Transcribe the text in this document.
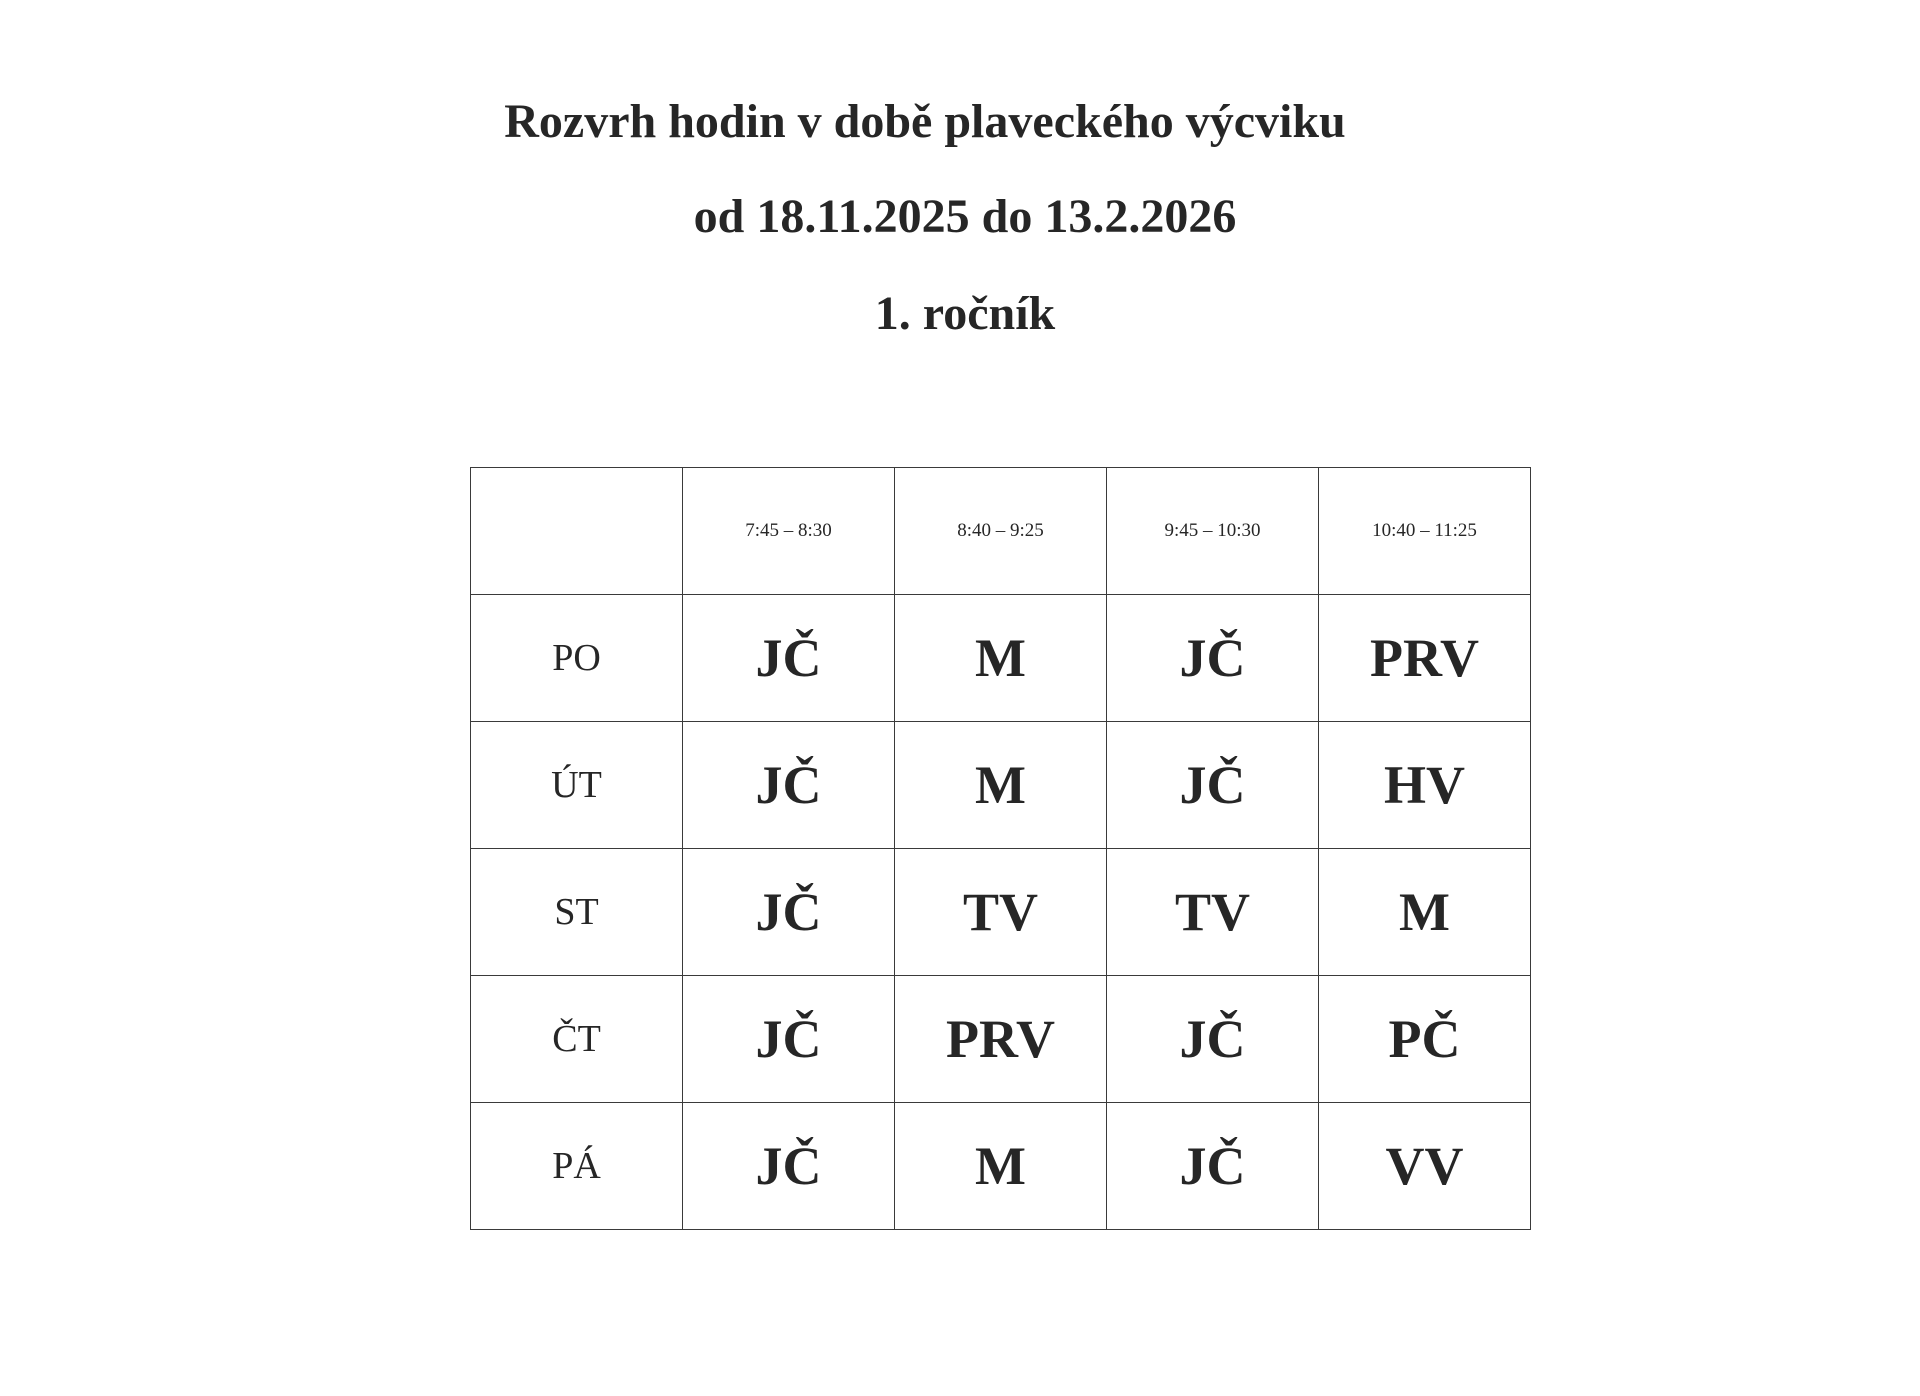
Rozvrh hodin v době plaveckého výcviku
od 18.11.2025 do 13.2.2026
1. ročník
	7:45 – 8:30	8:40 – 9:25	9:45 – 10:30	10:40 – 11:25
PO	JČ	M	JČ	PRV
ÚT	JČ	M	JČ	HV
ST	JČ	TV	TV	M
ČT	JČ	PRV	JČ	PČ
PÁ	JČ	M	JČ	VV
